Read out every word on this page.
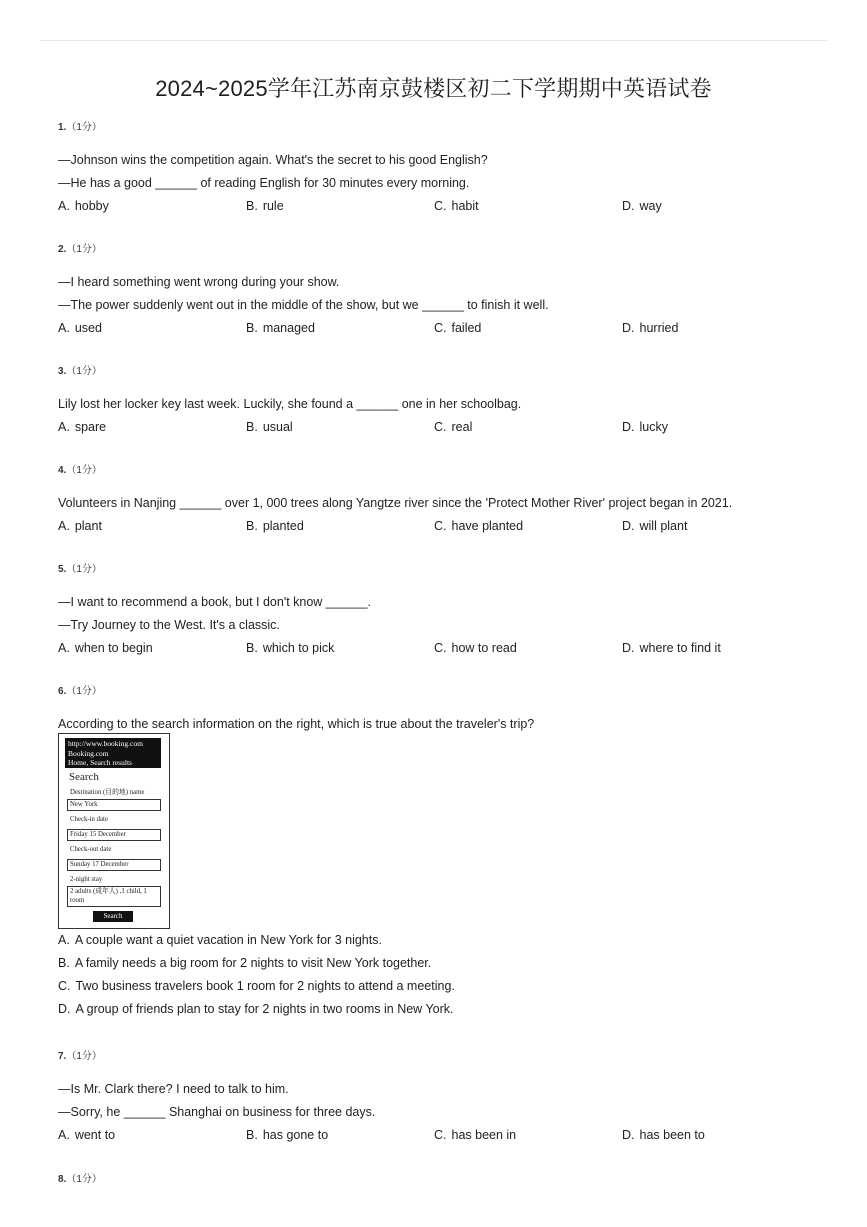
2024~2025学年江苏南京鼓楼区初二下学期期中英语试卷
1.（1分）
—Johnson wins the competition again. What's the secret to his good English?
—He has a good ______ of reading English for 30 minutes every morning.
A. hobby	B. rule	C. habit	D. way
2.（1分）
—I heard something went wrong during your show.
—The power suddenly went out in the middle of the show, but we ______ to finish it well.
A. used	B. managed	C. failed	D. hurried
3.（1分）
Lily lost her locker key last week. Luckily, she found a ______ one in her schoolbag.
A. spare	B. usual	C. real	D. lucky
4.（1分）
Volunteers in Nanjing ______ over 1, 000 trees along Yangtze river since the 'Protect Mother River' project began in 2021.
A. plant	B. planted	C. have planted	D. will plant
5.（1分）
—I want to recommend a book, but I don't know ______.
—Try Journey to the West. It's a classic.
A. when to begin	B. which to pick	C. how to read	D. where to find it
6.（1分）
According to the search information on the right, which is true about the traveler's trip?
http://www.booking.com
Booking.com
Home, Search results
Search
Destination (目的地) name
New York
Check-in date
Friday 15 December
Check-out date
Sunday 17 December
2-night stay
2 adults (成年人) ,1 child, 1 room
Search
A. A couple want a quiet vacation in New York for 3 nights.
B. A family needs a big room for 2 nights to visit New York together.
C. Two business travelers book 1 room for 2 nights to attend a meeting.
D. A group of friends plan to stay for 2 nights in two rooms in New York.
7.（1分）
—Is Mr. Clark there? I need to talk to him.
—Sorry, he ______ Shanghai on business for three days.
A. went to	B. has gone to	C. has been in	D. has been to
8.（1分）
